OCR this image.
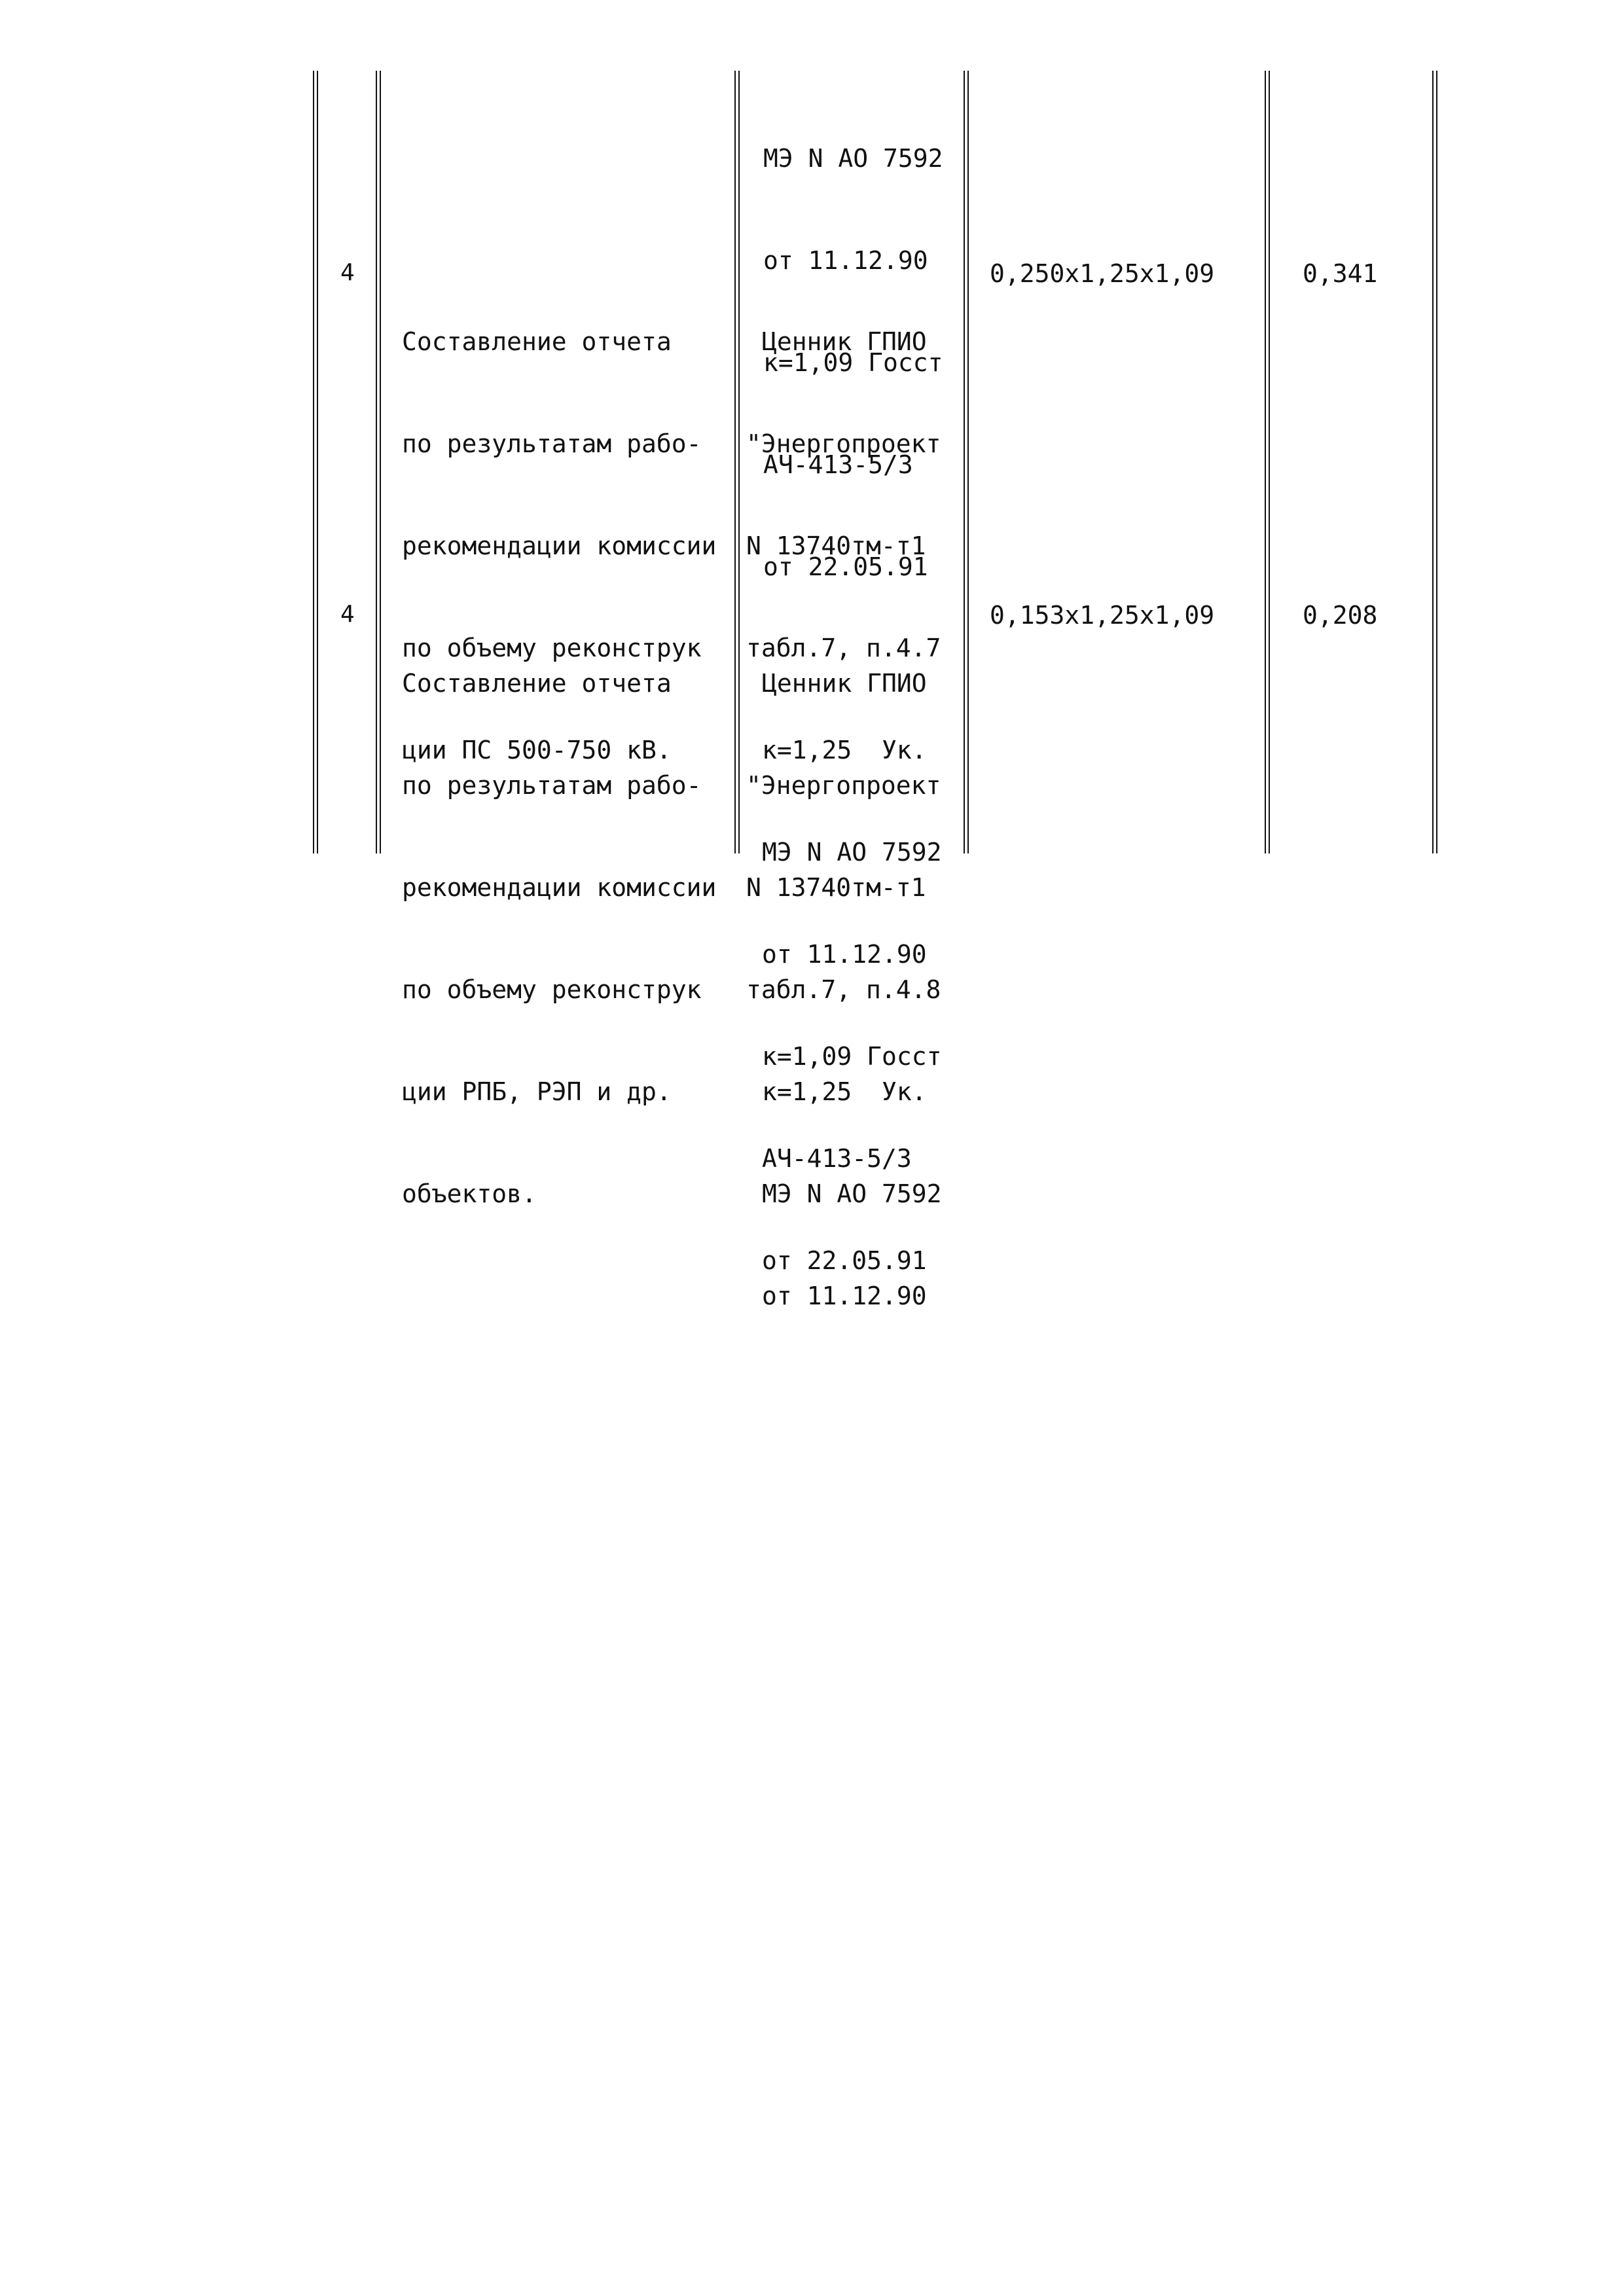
МЭ N АО 7592

от 11.12.90

к=1,09 Госст

АЧ-413-5/3

от 22.05.91

4

Составление отчета

по результатам рабо-

рекомендации комиссии

по объему реконструк

ции ПС 500-750 кВ.

Ценник ГПИО

"Энергопроект

N 13740тм-т1

табл.7, п.4.7

к=1,25  Ук.

МЭ N АО 7592

от 11.12.90

к=1,09 Госст

АЧ-413-5/3

от 22.05.91

0,250x1,25x1,09	0,341
4

Составление отчета

по результатам рабо-

рекомендации комиссии

по объему реконструк

ции РПБ, РЭП и др.

объектов.

Ценник ГПИО

"Энергопроект

N 13740тм-т1

табл.7, п.4.8

к=1,25  Ук.

МЭ N АО 7592

от 11.12.90

0,153x1,25x1,09	0,208
